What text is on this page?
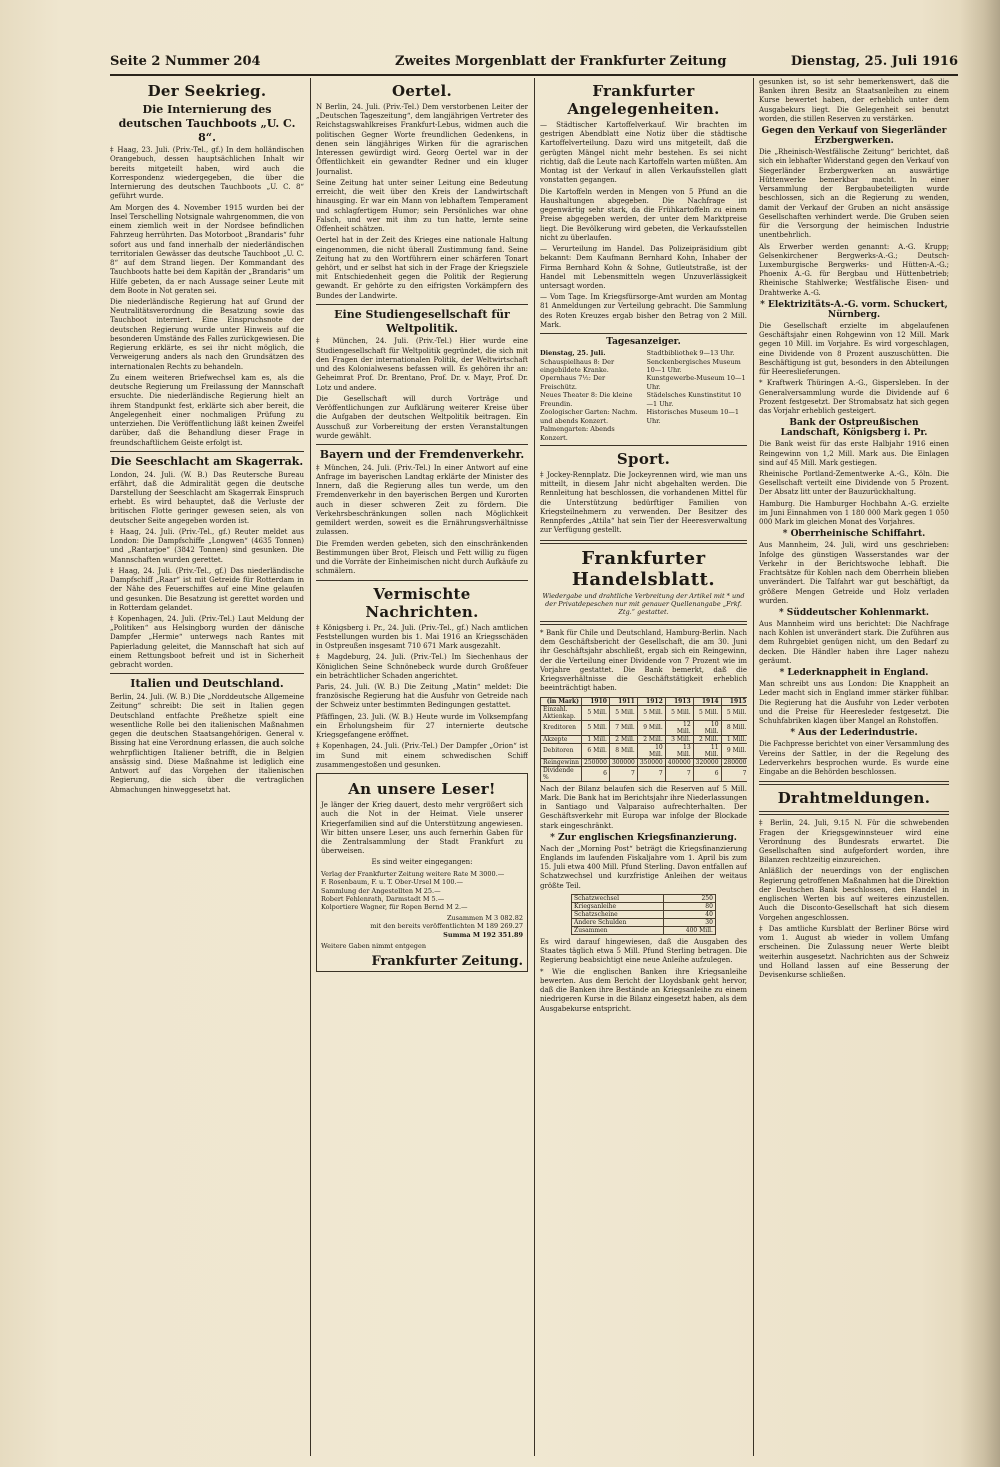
Seite 2 Nummer 204	Zweites Morgenblatt der Frankfurter Zeitung	Dienstag, 25. Juli 1916
Der Seekrieg.
Die Internierung des deutschen Tauchboots „U. C. 8“.

‡ Haag, 23. Juli. (Priv.-Tel., gf.) In dem holländischen Orangebuch, dessen hauptsächlichen Inhalt wir bereits mitgeteilt haben, wird auch die Korrespondenz wiedergegeben, die über die Internierung des deutschen Tauchboots „U. C. 8“ geführt wurde.

Am Morgen des 4. November 1915 wurden bei der Insel Terschelling Notsignale wahrgenommen, die von einem ziemlich weit in der Nordsee befindlichen Fahrzeug herrührten. Das Motorboot „Brandaris“ fuhr sofort aus und fand innerhalb der niederländischen territorialen Gewässer das deutsche Tauchboot „U. C. 8“ auf dem Strand liegen. Der Kommandant des Tauchboots hatte bei dem Kapitän der „Brandaris“ um Hilfe gebeten, da er nach Aussage seiner Leute mit dem Boote in Not geraten sei.

Die niederländische Regierung hat auf Grund der Neutralitätsverordnung die Besatzung sowie das Tauchboot interniert. Eine Einspruchsnote der deutschen Regierung wurde unter Hinweis auf die besonderen Umstände des Falles zurückgewiesen. Die Regierung erklärte, es sei ihr nicht möglich, die Verweigerung anders als nach den Grundsätzen des internationalen Rechts zu behandeln.

Zu einem weiteren Briefwechsel kam es, als die deutsche Regierung um Freilassung der Mannschaft ersuchte. Die niederländische Regierung hielt an ihrem Standpunkt fest, erklärte sich aber bereit, die Angelegenheit einer nochmaligen Prüfung zu unterziehen. Die Veröffentlichung läßt keinen Zweifel darüber, daß die Behandlung dieser Frage in freundschaftlichem Geiste erfolgt ist.

Die Seeschlacht am Skagerrak.

London, 24. Juli. (W. B.) Das Reutersche Bureau erfährt, daß die Admiralität gegen die deutsche Darstellung der Seeschlacht am Skagerrak Einspruch erhebt. Es wird behauptet, daß die Verluste der britischen Flotte geringer gewesen seien, als von deutscher Seite angegeben worden ist.

‡ Haag, 24. Juli. (Priv.-Tel., gf.) Reuter meldet aus London: Die Dampfschiffe „Longwen“ (4635 Tonnen) und „Rantarjoe“ (3842 Tonnen) sind gesunken. Die Mannschaften wurden gerettet.

‡ Haag, 24. Juli. (Priv.-Tel., gf.) Das niederländische Dampfschiff „Raar“ ist mit Getreide für Rotterdam in der Nähe des Feuerschiffes auf eine Mine gelaufen und gesunken. Die Besatzung ist gerettet worden und in Rotterdam gelandet.

‡ Kopenhagen, 24. Juli. (Priv.-Tel.) Laut Meldung der „Politiken“ aus Helsingborg wurden der dänische Dampfer „Hermie“ unterwegs nach Rantes mit Papierladung geleitet, die Mannschaft hat sich auf einem Rettungsboot befreit und ist in Sicherheit gebracht worden.

Italien und Deutschland.

Berlin, 24. Juli. (W. B.) Die „Norddeutsche Allgemeine Zeitung“ schreibt: Die seit in Italien gegen Deutschland entfachte Preßhetze spielt eine wesentliche Rolle bei den italienischen Maßnahmen gegen die deutschen Staatsangehörigen. General v. Bissing hat eine Verordnung erlassen, die auch solche wehrpflichtigen Italiener betrifft, die in Belgien ansässig sind. Diese Maßnahme ist lediglich eine Antwort auf das Vorgehen der italienischen Regierung, die sich über die vertraglichen Abmachungen hinweggesetzt hat.

Oertel.

N Berlin, 24. Juli. (Priv.-Tel.) Dem verstorbenen Leiter der „Deutschen Tageszeitung“, dem langjährigen Vertreter des Reichstagswahlkreises Frankfurt-Lebus, widmen auch die politischen Gegner Worte freundlichen Gedenkens, in denen sein längjähriges Wirken für die agrarischen Interessen gewürdigt wird. Georg Oertel war in der Öffentlichkeit ein gewandter Redner und ein kluger Journalist.

Seine Zeitung hat unter seiner Leitung eine Bedeutung erreicht, die weit über den Kreis der Landwirtschaft hinausging. Er war ein Mann von lebhaftem Temperament und schlagfertigem Humor; sein Persönliches war ohne Falsch, und wer mit ihm zu tun hatte, lernte seine Offenheit schätzen.

Oertel hat in der Zeit des Krieges eine nationale Haltung eingenommen, die nicht überall Zustimmung fand. Seine Zeitung hat zu den Wortführern einer schärferen Tonart gehört, und er selbst hat sich in der Frage der Kriegsziele mit Entschiedenheit gegen die Politik der Regierung gewandt. Er gehörte zu den eifrigsten Vorkämpfern des Bundes der Landwirte.

Eine Studiengesellschaft für Weltpolitik.

‡ München, 24. Juli. (Priv.-Tel.) Hier wurde eine Studiengesellschaft für Weltpolitik gegründet, die sich mit den Fragen der internationalen Politik, der Weltwirtschaft und des Kolonialwesens befassen will. Es gehören ihr an: Geheimrat Prof. Dr. Brentano, Prof. Dr. v. Mayr, Prof. Dr. Lotz und andere.

Die Gesellschaft will durch Vorträge und Veröffentlichungen zur Aufklärung weiterer Kreise über die Aufgaben der deutschen Weltpolitik beitragen. Ein Ausschuß zur Vorbereitung der ersten Veranstaltungen wurde gewählt.

Bayern und der Fremdenverkehr.

‡ München, 24. Juli. (Priv.-Tel.) In einer Antwort auf eine Anfrage im bayerischen Landtag erklärte der Minister des Innern, daß die Regierung alles tun werde, um den Fremdenverkehr in den bayerischen Bergen und Kurorten auch in dieser schweren Zeit zu fördern. Die Verkehrsbeschränkungen sollen nach Möglichkeit gemildert werden, soweit es die Ernährungsverhältnisse zulassen.

Die Fremden werden gebeten, sich den einschränkenden Bestimmungen über Brot, Fleisch und Fett willig zu fügen und die Vorräte der Einheimischen nicht durch Aufkäufe zu schmälern.

Vermischte Nachrichten.

‡ Königsberg i. Pr., 24. Juli. (Priv.-Tel., gf.) Nach amtlichen Feststellungen wurden bis 1. Mai 1916 an Kriegsschäden in Ostpreußen insgesamt 710 671 Mark ausgezahlt.

‡ Magdeburg, 24. Juli. (Priv.-Tel.) Im Siechenhaus der Königlichen Seine Schnönebeck wurde durch Großfeuer ein beträchtlicher Schaden angerichtet.

Paris, 24. Juli. (W. B.) Die Zeitung „Matin“ meldet: Die französische Regierung hat die Ausfuhr von Getreide nach der Schweiz unter bestimmten Bedingungen gestattet.

Pfäffingen, 23. Juli. (W. B.) Heute wurde im Volksempfang ein Erholungsheim für 27 internierte deutsche Kriegsgefangene eröffnet.

‡ Kopenhagen, 24. Juli. (Priv.-Tel.) Der Dampfer „Orion“ ist im Sund mit einem schwedischen Schiff zusammengestoßen und gesunken.

An unsere Leser!

Je länger der Krieg dauert, desto mehr vergrößert sich auch die Not in der Heimat. Viele unserer Kriegerfamilien sind auf die Unterstützung angewiesen. Wir bitten unsere Leser, uns auch fernerhin Gaben für die Zentralsammlung der Stadt Frankfurt zu überweisen.

Es sind weiter eingegangen:

Verlag der Frankfurter Zeitung weitere Rate M 3000.—
F. Rosenbaum, F. u. T. Ober-Ursel M 100.—
Sammlung der Angestellten M 25.—
Robert Fehlenrath, Darmstadt M 5.—
Kolportiere Wagner, für Ropen Bernd M 2.—
Zusammen M 3 082.82
mit den bereits veröffentlichten M 189 269.27
Summa M 192 351.89
Weitere Gaben nimmt entgegen
Frankfurter Zeitung.
Frankfurter Angelegenheiten.

— Städtischer Kartoffelverkauf. Wir brachten im gestrigen Abendblatt eine Notiz über die städtische Kartoffelverteilung. Dazu wird uns mitgeteilt, daß die gerügten Mängel nicht mehr bestehen. Es sei nicht richtig, daß die Leute nach Kartoffeln warten müßten. Am Montag ist der Verkauf in allen Verkaufsstellen glatt vonstatten gegangen.

Die Kartoffeln werden in Mengen von 5 Pfund an die Haushaltungen abgegeben. Die Nachfrage ist gegenwärtig sehr stark, da die Frühkartoffeln zu einem Preise abgegeben werden, der unter dem Marktpreise liegt. Die Bevölkerung wird gebeten, die Verkaufsstellen nicht zu überlaufen.

— Verurteilung im Handel. Das Polizeipräsidium gibt bekannt: Dem Kaufmann Bernhard Kohn, Inhaber der Firma Bernhard Kohn & Sohne, Gutleutstraße, ist der Handel mit Lebensmitteln wegen Unzuverlässigkeit untersagt worden.

— Vom Tage. Im Kriegsfürsorge-Amt wurden am Montag 81 Anmeldungen zur Verteilung gebracht. Die Sammlung des Roten Kreuzes ergab bisher den Betrag von 2 Mill. Mark.

Tagesanzeiger.
Dienstag, 25. Juli.
Schauspielhaus 8: Der eingebildete Kranke.
Opernhaus 7½: Der Freischütz.
Neues Theater 8: Die kleine Freundin.
Zoologischer Garten: Nachm. und abends Konzert.
Palmengarten: Abends Konzert.
Stadtbibliothek 9—13 Uhr.
Senckenbergisches Museum 10—1 Uhr.
Kunstgewerbe-Museum 10—1 Uhr.
Städelsches Kunstinstitut 10—1 Uhr.
Historisches Museum 10—1 Uhr.
Sport.

‡ Jockey-Rennplatz. Die Jockeyrennen wird, wie man uns mitteilt, in diesem Jahr nicht abgehalten werden. Die Rennleitung hat beschlossen, die vorhandenen Mittel für die Unterstützung bedürftiger Familien von Kriegsteilnehmern zu verwenden. Der Besitzer des Rennpferdes „Attila“ hat sein Tier der Heeresverwaltung zur Verfügung gestellt.

Frankfurter Handelsblatt.
Wiedergabe und drahtliche Verbreitung der Artikel mit * und der Privatdepeschen nur mit genauer Quellenangabe „Frkf. Ztg.“ gestattet.

* Bank für Chile und Deutschland, Hamburg-Berlin. Nach dem Geschäftsbericht der Gesellschaft, die am 30. Juni ihr Geschäftsjahr abschließt, ergab sich ein Reingewinn, der die Verteilung einer Dividende von 7 Prozent wie im Vorjahre gestattet. Die Bank bemerkt, daß die Kriegsverhältnisse die Geschäftstätigkeit erheblich beeinträchtigt haben.

(in Mark)	1910	1911	1912	1913	1914	1915
Einzahl. Aktienkap.	5 Mill.	5 Mill.	5 Mill.	5 Mill.	5 Mill.	5 Mill.
Kreditoren	5 Mill.	7 Mill.	9 Mill.	12 Mill.	10 Mill.	8 Mill.
Akzepte	1 Mill.	2 Mill.	2 Mill.	3 Mill.	2 Mill.	1 Mill.
Debitoren	6 Mill.	8 Mill.	10 Mill.	13 Mill.	11 Mill.	9 Mill.
Reingewinn	250000	300000	350000	400000	320000	280000
Dividende %	6	7	7	7	6	7

Nach der Bilanz belaufen sich die Reserven auf 5 Mill. Mark. Die Bank hat im Berichtsjahr ihre Niederlassungen in Santiago und Valparaiso aufrechterhalten. Der Geschäftsverkehr mit Europa war infolge der Blockade stark eingeschränkt.

* Zur englischen Kriegsfinanzierung.

Nach der „Morning Post“ beträgt die Kriegsfinanzierung Englands im laufenden Fiskaljahre vom 1. April bis zum 15. Juli etwa 400 Mill. Pfund Sterling. Davon entfallen auf Schatzwechsel und kurzfristige Anleihen der weitaus größte Teil.

Schatzwechsel	250
Kriegsanleihe	80
Schatzscheine	40
Andere Schulden	30
Zusammen	400 Mill.

Es wird darauf hingewiesen, daß die Ausgaben des Staates täglich etwa 5 Mill. Pfund Sterling betragen. Die Regierung beabsichtigt eine neue Anleihe aufzulegen.

* Wie die englischen Banken ihre Kriegsanleihe bewerten. Aus dem Bericht der Lloydsbank geht hervor, daß die Banken ihre Bestände an Kriegsanleihe zu einem niedrigeren Kurse in die Bilanz eingesetzt haben, als dem Ausgabekurse entspricht.

gesunken ist, so ist sehr bemerkenswert, daß die Banken ihren Besitz an Staatsanleihen zu einem Kurse bewertet haben, der erheblich unter dem Ausgabekurs liegt. Die Gelegenheit sei benutzt worden, die stillen Reserven zu verstärken.

Gegen den Verkauf von Siegerländer Erzbergwerken.

Die „Rheinisch-Westfälische Zeitung“ berichtet, daß sich ein lebhafter Widerstand gegen den Verkauf von Siegerländer Erzbergwerken an auswärtige Hüttenwerke bemerkbar macht. In einer Versammlung der Bergbaubeteiligten wurde beschlossen, sich an die Regierung zu wenden, damit der Verkauf der Gruben an nicht ansässige Gesellschaften verhindert werde. Die Gruben seien für die Versorgung der heimischen Industrie unentbehrlich.

Als Erwerber werden genannt: A.-G. Krupp; Gelsenkirchener Bergwerks-A.-G.; Deutsch-Luxemburgische Bergwerks- und Hütten-A.-G.; Phoenix A.-G. für Bergbau und Hüttenbetrieb; Rheinische Stahlwerke; Westfälische Eisen- und Drahtwerke A.-G.

* Elektrizitäts-A.-G. vorm. Schuckert, Nürnberg.

Die Gesellschaft erzielte im abgelaufenen Geschäftsjahr einen Rohgewinn von 12 Mill. Mark gegen 10 Mill. im Vorjahre. Es wird vorgeschlagen, eine Dividende von 8 Prozent auszuschütten. Die Beschäftigung ist gut, besonders in den Abteilungen für Heereslieferungen.

* Kraftwerk Thüringen A.-G., Gispersleben. In der Generalversammlung wurde die Dividende auf 6 Prozent festgesetzt. Der Stromabsatz hat sich gegen das Vorjahr erheblich gesteigert.

Bank der Ostpreußischen Landschaft, Königsberg i. Pr.

Die Bank weist für das erste Halbjahr 1916 einen Reingewinn von 1,2 Mill. Mark aus. Die Einlagen sind auf 45 Mill. Mark gestiegen.

Rheinische Portland-Zementwerke A.-G., Köln. Die Gesellschaft verteilt eine Dividende von 5 Prozent. Der Absatz litt unter der Bauzurückhaltung.

Hamburg. Die Hamburger Hochbahn A.-G. erzielte im Juni Einnahmen von 1 180 000 Mark gegen 1 050 000 Mark im gleichen Monat des Vorjahres.

* Oberrheinische Schiffahrt.

Aus Mannheim, 24. Juli, wird uns geschrieben: Infolge des günstigen Wasserstandes war der Verkehr in der Berichtswoche lebhaft. Die Frachtsätze für Kohlen nach dem Oberrhein blieben unverändert. Die Talfahrt war gut beschäftigt, da größere Mengen Getreide und Holz verladen wurden.

* Süddeutscher Kohlenmarkt.

Aus Mannheim wird uns berichtet: Die Nachfrage nach Kohlen ist unverändert stark. Die Zuführen aus dem Ruhrgebiet genügen nicht, um den Bedarf zu decken. Die Händler haben ihre Lager nahezu geräumt.

* Lederknappheit in England.

Man schreibt uns aus London: Die Knappheit an Leder macht sich in England immer stärker fühlbar. Die Regierung hat die Ausfuhr von Leder verboten und die Preise für Heeresleder festgesetzt. Die Schuhfabriken klagen über Mangel an Rohstoffen.

* Aus der Lederindustrie.

Die Fachpresse berichtet von einer Versammlung des Vereins der Sattler, in der die Regelung des Lederverkehrs besprochen wurde. Es wurde eine Eingabe an die Behörden beschlossen.

Drahtmeldungen.

‡ Berlin, 24. Juli, 9.15 N. Für die schwebenden Fragen der Kriegsgewinnsteuer wird eine Verordnung des Bundesrats erwartet. Die Gesellschaften sind aufgefordert worden, ihre Bilanzen rechtzeitig einzureichen.

Anläßlich der neuerdings von der englischen Regierung getroffenen Maßnahmen hat die Direktion der Deutschen Bank beschlossen, den Handel in englischen Werten bis auf weiteres einzustellen. Auch die Disconto-Gesellschaft hat sich diesem Vorgehen angeschlossen.

‡ Das amtliche Kursblatt der Berliner Börse wird vom 1. August ab wieder in vollem Umfang erscheinen. Die Zulassung neuer Werte bleibt weiterhin ausgesetzt. Nachrichten aus der Schweiz und Holland lassen auf eine Besserung der Devisenkurse schließen.
